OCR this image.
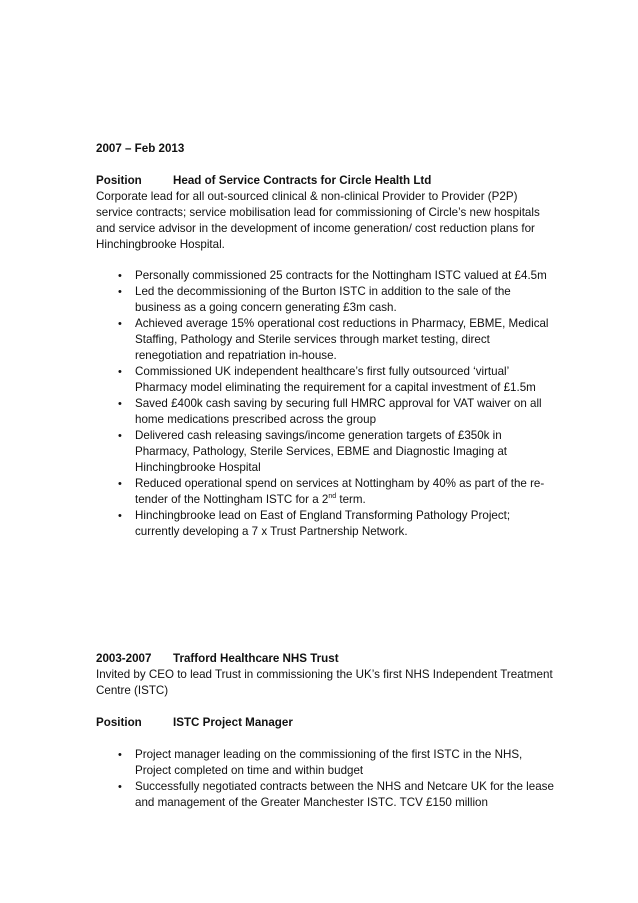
2007 – Feb 2013
Position	Head of Service Contracts for Circle Health Ltd

Corporate lead for all out-sourced clinical & non-clinical Provider to Provider (P2P) service contracts; service mobilisation lead for commissioning of Circle’s new hospitals and service advisor in the development of income generation/ cost reduction plans for Hinchingbrooke Hospital.

• Personally commissioned 25 contracts for the Nottingham ISTC valued at £4.5m
• Led the decommissioning of the Burton ISTC in addition to the sale of the business as a going concern generating £3m cash.
• Achieved average 15% operational cost reductions in Pharmacy, EBME, Medical Staffing, Pathology and Sterile services through market testing, direct renegotiation and repatriation in-house.
• Commissioned UK independent healthcare’s first fully outsourced ‘virtual’ Pharmacy model eliminating the requirement for a capital investment of £1.5m
• Saved £400k cash saving by securing full HMRC approval for VAT waiver on all home medications prescribed across the group
• Delivered cash releasing savings/income generation targets of £350k in Pharmacy, Pathology, Sterile Services, EBME and Diagnostic Imaging at Hinchingbrooke Hospital
• Reduced operational spend on services at Nottingham by 40% as part of the re-tender of the Nottingham ISTC for a 2nd term.
• Hinchingbrooke lead on East of England Transforming Pathology Project; currently developing a 7 x Trust Partnership Network.
2003-2007	Trafford Healthcare NHS Trust

Invited by CEO to lead Trust in commissioning the UK’s first NHS Independent Treatment Centre (ISTC)

Position	ISTC Project Manager
• Project manager leading on the commissioning of the first ISTC in the NHS, Project completed on time and within budget
• Successfully negotiated contracts between the NHS and Netcare UK for the lease and management of the Greater Manchester ISTC. TCV £150 million
